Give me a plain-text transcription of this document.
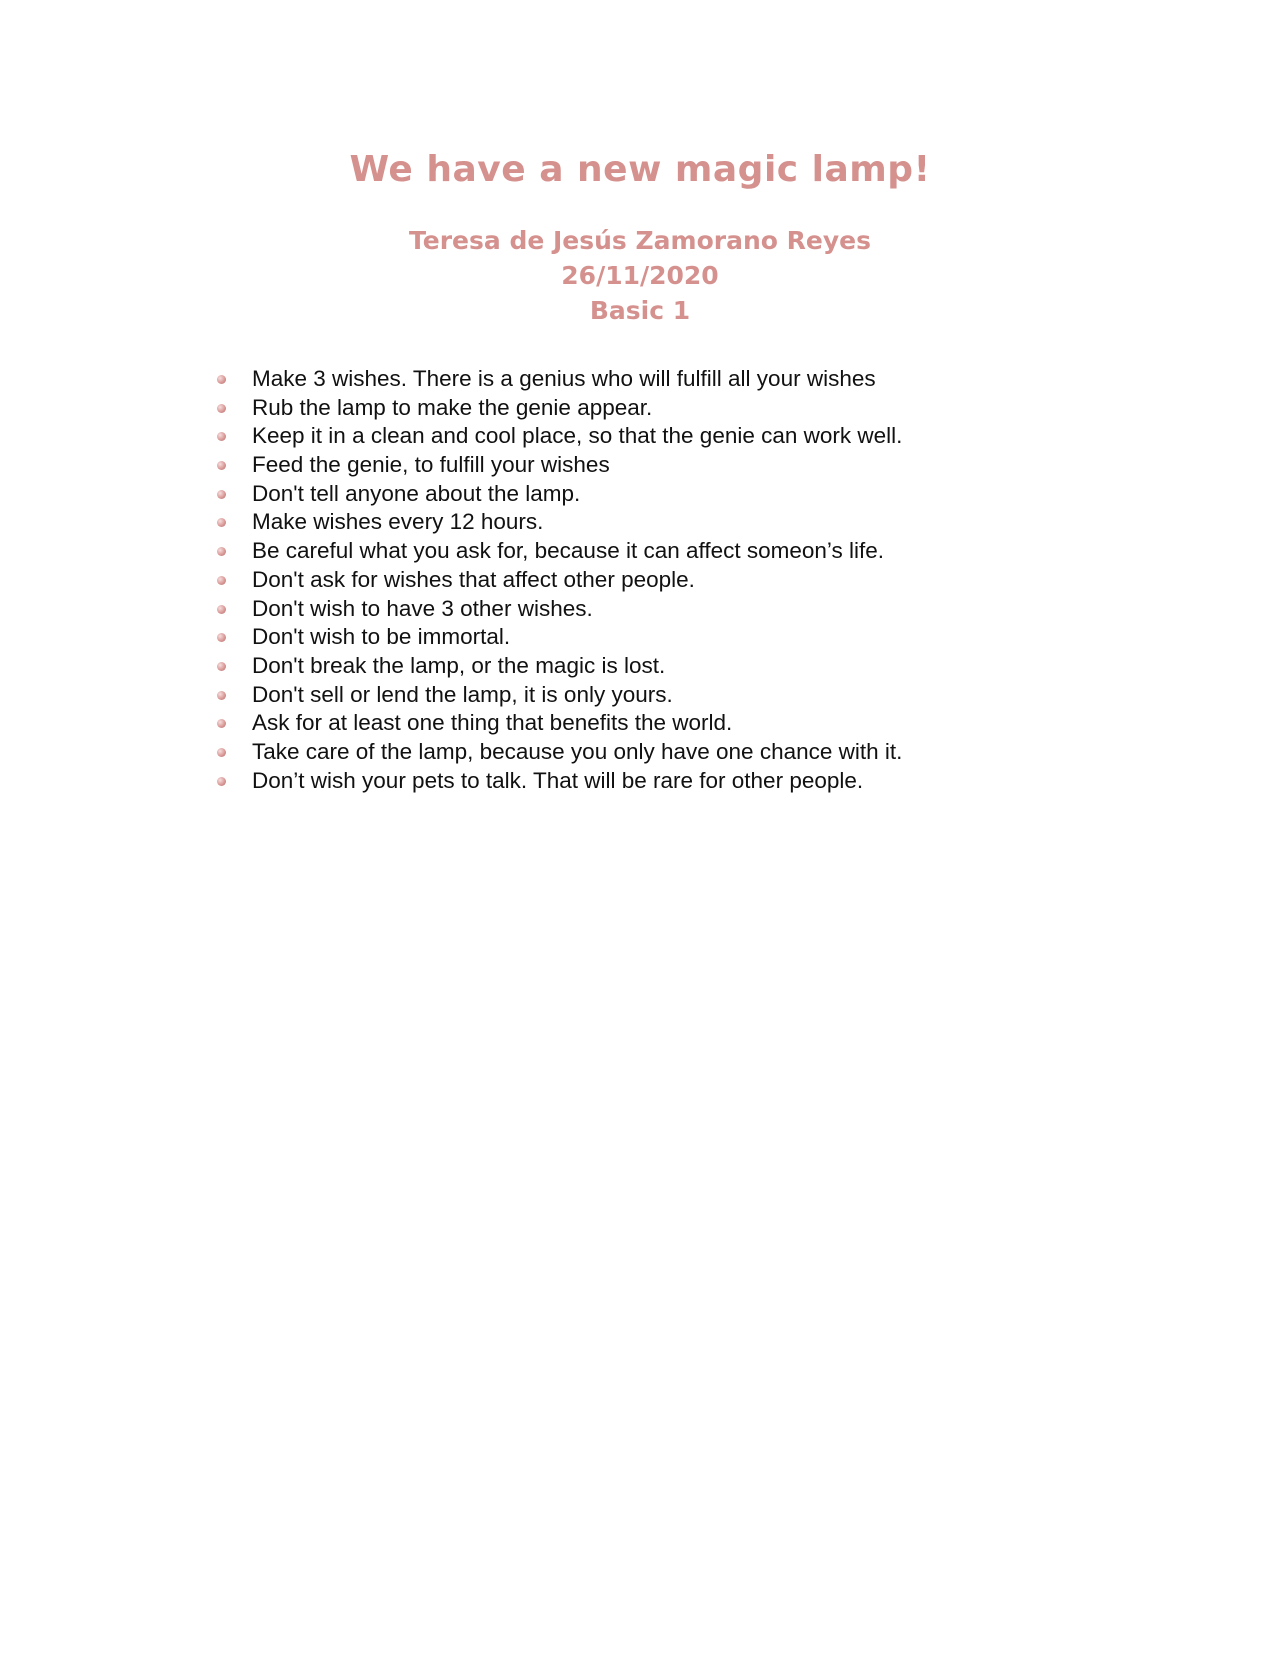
We have a new magic lamp!
Teresa de Jesús Zamorano Reyes
26/11/2020
Basic 1
Make 3 wishes. There is a genius who will fulfill all your wishes
Rub the lamp to make the genie appear.
Keep it in a clean and cool place, so that the genie can work well.
Feed the genie, to fulfill your wishes
Don't tell anyone about the lamp.
Make wishes every 12 hours.
Be careful what you ask for, because it can affect someon’s life.
Don't ask for wishes that affect other people.
Don't wish to have 3 other wishes.
Don't wish to be immortal.
Don't break the lamp, or the magic is lost.
Don't sell or lend the lamp, it is only yours.
Ask for at least one thing that benefits the world.
Take care of the lamp, because you only have one chance with it.
Don’t wish your pets to talk. That will be rare for other people.
